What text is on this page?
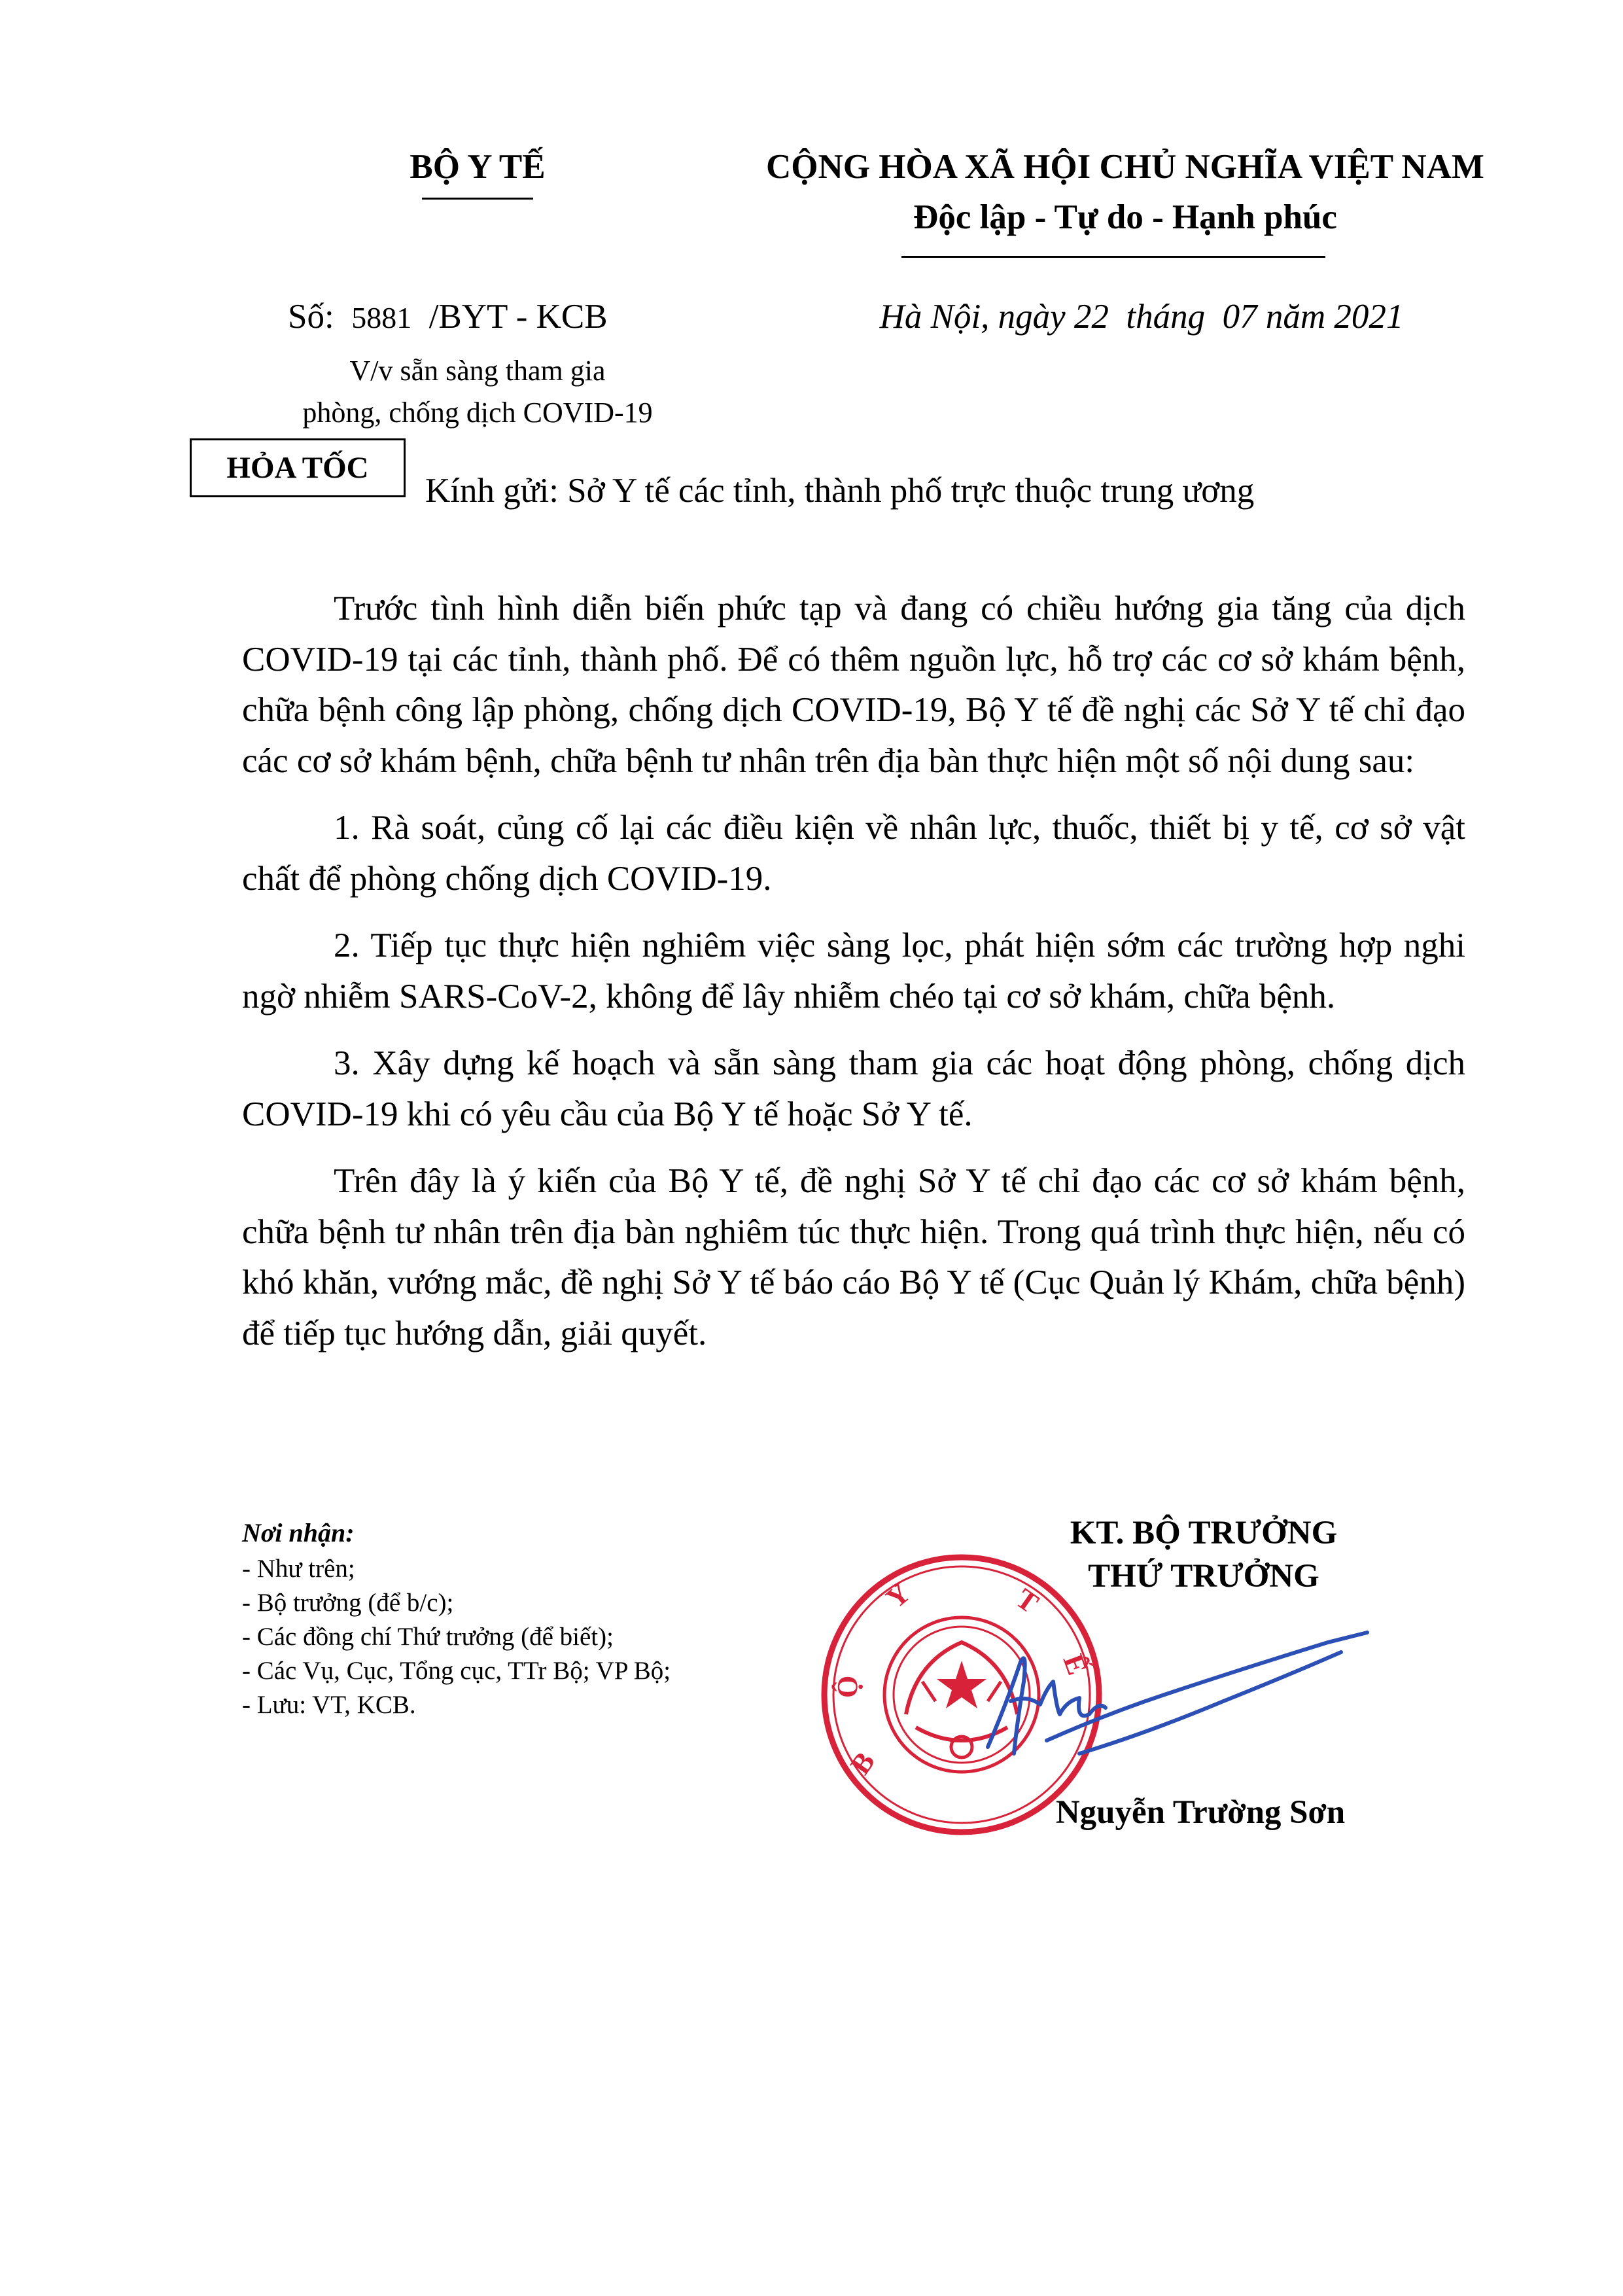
BỘ Y TẾ	CỘNG HÒA XÃ HỘI CHỦ NGHĨA VIỆT NAM
Độc lập - Tự do - Hạnh phúc
Số: 5881 /BYT - KCB
V/v sẵn sàng tham gia
phòng, chống dịch COVID-19
Hà Nội, ngày 22  tháng  07 năm 2021
HỎA TỐC
Kính gửi: Sở Y tế các tỉnh, thành phố trực thuộc trung ương

Trước tình hình diễn biến phức tạp và đang có chiều hướng gia tăng của dịch COVID-19 tại các tỉnh, thành phố. Để có thêm nguồn lực, hỗ trợ các cơ sở khám bệnh, chữa bệnh công lập phòng, chống dịch COVID-19, Bộ Y tế đề nghị các Sở Y tế chỉ đạo các cơ sở khám bệnh, chữa bệnh tư nhân trên địa bàn thực hiện một số nội dung sau:

1. Rà soát, củng cố lại các điều kiện về nhân lực, thuốc, thiết bị y tế, cơ sở vật chất để phòng chống dịch COVID-19.

2. Tiếp tục thực hiện nghiêm việc sàng lọc, phát hiện sớm các trường hợp nghi ngờ nhiễm SARS-CoV-2, không để lây nhiễm chéo tại cơ sở khám, chữa bệnh.

3. Xây dựng kế hoạch và sẵn sàng tham gia các hoạt động phòng, chống dịch COVID-19 khi có yêu cầu của Bộ Y tế hoặc Sở Y tế.

Trên đây là ý kiến của Bộ Y tế, đề nghị Sở Y tế chỉ đạo các cơ sở khám bệnh, chữa bệnh tư nhân trên địa bàn nghiêm túc thực hiện. Trong quá trình thực hiện, nếu có khó khăn, vướng mắc, đề nghị Sở Y tế báo cáo Bộ Y tế (Cục Quản lý Khám, chữa bệnh) để tiếp tục hướng dẫn, giải quyết.

Nơi nhận:
- Như trên;
- Bộ trưởng (để b/c);
- Các đồng chí Thứ trưởng (để biết);
- Các Vụ, Cục, Tổng cục, TTr Bộ; VP Bộ;
- Lưu: VT, KCB.
B
Ộ
Y	T
Ế
KT. BỘ TRƯỞNG
THỨ TRƯỞNG
Nguyễn Trường Sơn
